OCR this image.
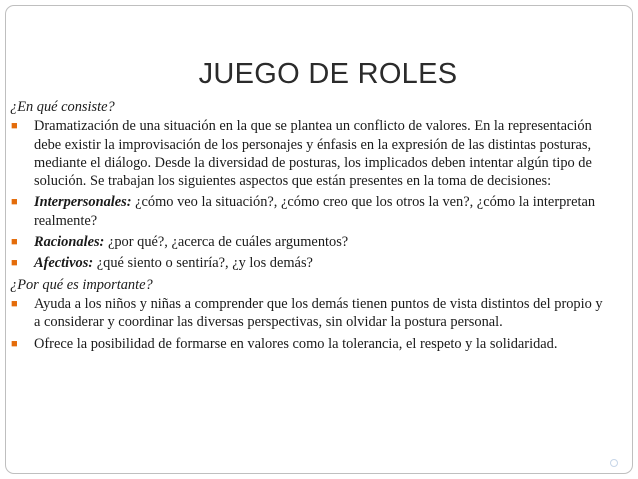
JUEGO DE ROLES
¿En qué consiste?
■ Dramatización de una situación en la que se plantea un conflicto de valores. En la representación debe existir la improvisación de los personajes y énfasis en la expresión de las distintas posturas, mediante el diálogo. Desde la diversidad de posturas, los implicados deben intentar algún tipo de solución. Se trabajan los siguientes aspectos que están presentes en la toma de decisiones:
■ Interpersonales: ¿cómo veo la situación?, ¿cómo creo que los otros la ven?, ¿cómo la interpretan realmente?
■ Racionales: ¿por qué?, ¿acerca de cuáles argumentos?
■ Afectivos: ¿qué siento o sentiría?, ¿y los demás?
¿Por qué es importante?
■ Ayuda a los niños y niñas a comprender que los demás tienen puntos de vista distintos del propio y a considerar y coordinar las diversas perspectivas, sin olvidar la postura personal.
■ Ofrece la posibilidad de formarse en valores como la tolerancia, el respeto y la solidaridad.
